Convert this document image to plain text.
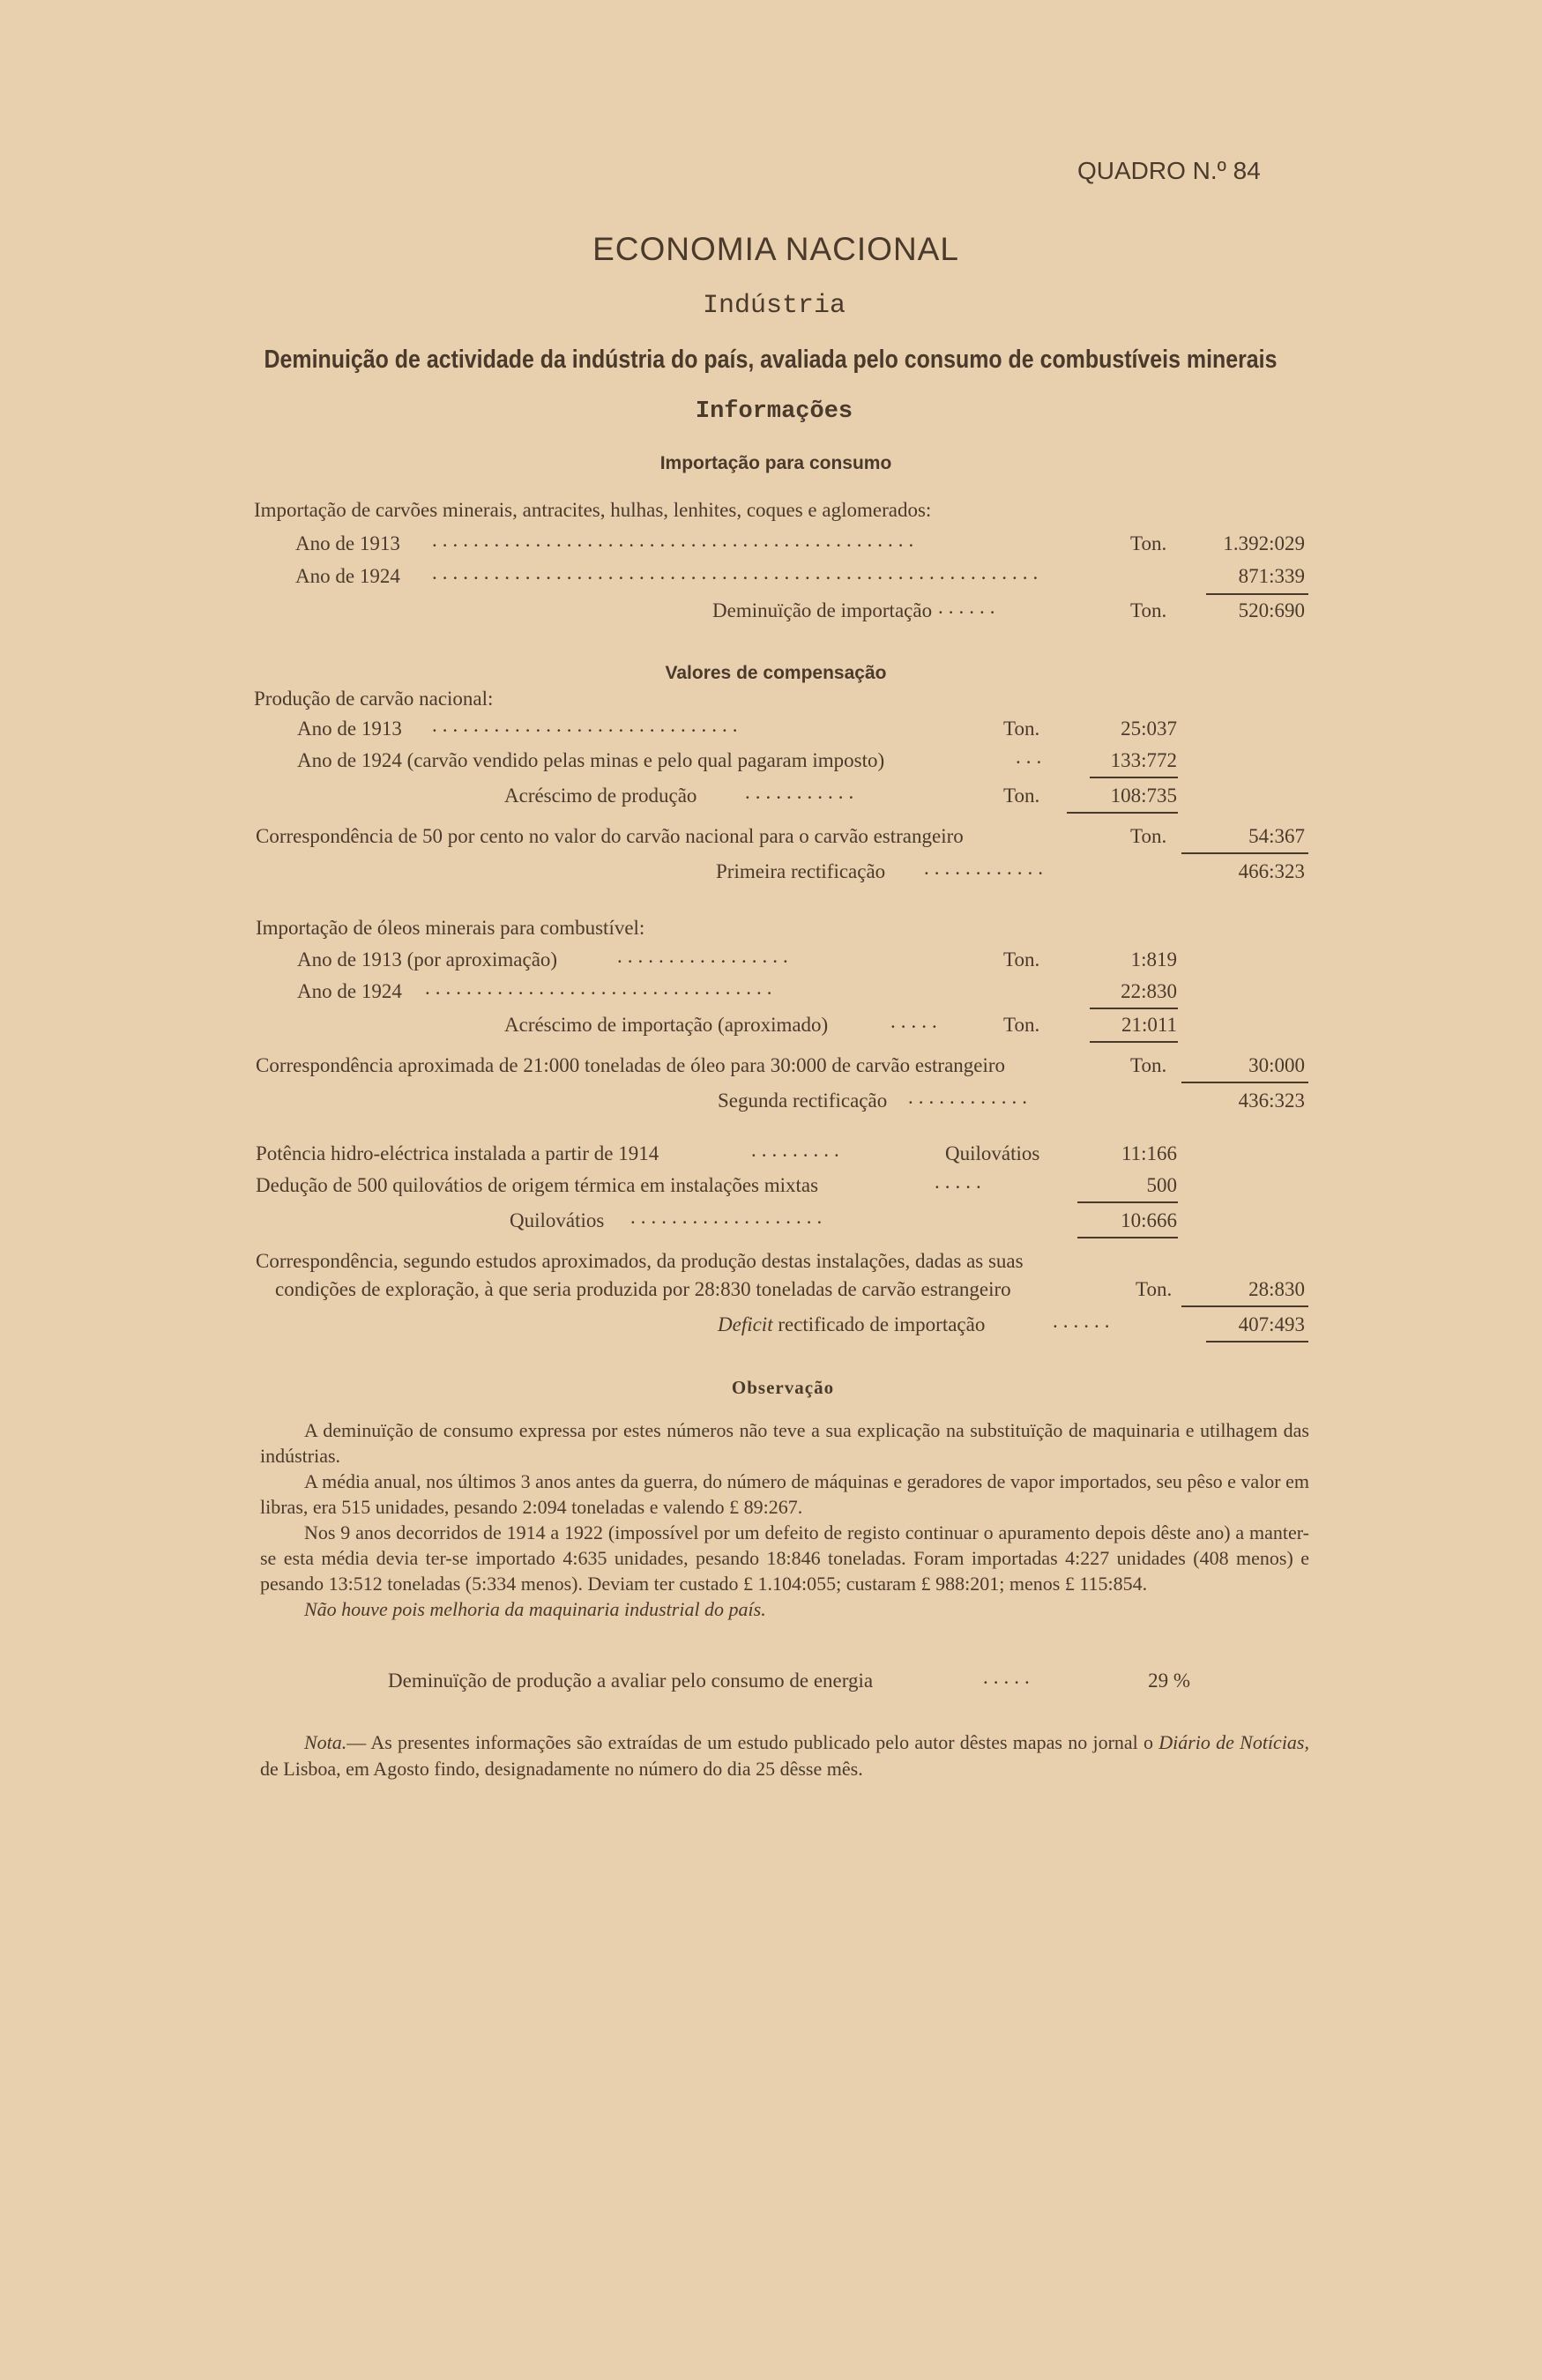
QUADRO N.º 84
ECONOMIA NACIONAL
Indústria
Deminuição de actividade da indústria do país, avaliada pelo consumo de combustíveis minerais
Informações
Importação para consumo
Importação de carvões minerais, antracites, hulhas, lenhites, coques e aglomerados:
Ano de 1913 ...............................................	Ton.	1.392:029
Ano de 1924 ...........................................................	871:339
Deminuïção de importação ......	Ton.	520:690
Valores de compensação
Produção de carvão nacional:
Ano de 1913 ..............................	Ton.	25:037
Ano de 1924 (carvão vendido pelas minas e pelo qual pagaram imposto)	...	133:772
Acréscimo de produção ...........	Ton.	108:735
Correspondência de 50 por cento no valor do carvão nacional para o carvão estrangeiro	Ton.	54:367
Primeira rectificação ............	466:323
Importação de óleos minerais para combustível:
Ano de 1913 (por aproximação)	.................	Ton.	1:819
Ano de 1924 ..................................	22:830
Acréscimo de importação (aproximado)	.....	Ton.	21:011
Correspondência aproximada de 21:000 toneladas de óleo para 30:000 de carvão estrangeiro	Ton.	30:000
Segunda rectificação ............	436:323
Potência hidro-eléctrica instalada a partir de 1914	.........	Quilovátios	11:166
Dedução de 500 quilovátios de origem térmica em instalações mixtas	.....	500
Quilovátios ...................	10:666
Correspondência, segundo estudos aproximados, da produção destas instalações, dadas as suas
condições de exploração, à que seria produzida por 28:830 toneladas de carvão estrangeiro	Ton.	28:830
Deficit rectificado de importação	......	407:493
Observação

A deminuïção de consumo expressa por estes números não teve a sua explicação na substituïção de maquinaria e utilhagem das indústrias.

A média anual, nos últimos 3 anos antes da guerra, do número de máquinas e geradores de vapor importados, seu pêso e valor em libras, era 515 unidades, pesando 2:094 toneladas e valendo £ 89:267.

Nos 9 anos decorridos de 1914 a 1922 (impossível por um defeito de registo continuar o apuramento depois dêste ano) a manter-se esta média devia ter-se importado 4:635 unidades, pesando 18:846 toneladas. Foram importadas 4:227 unidades (408 menos) e pesando 13:512 toneladas (5:334 menos). Deviam ter custado £ 1.104:055; custaram £ 988:201; menos £ 115:854.

Não houve pois melhoria da maquinaria industrial do país.

Deminuïção de produção a avaliar pelo consumo de energia	.....	29 %

Nota.— As presentes informações são extraídas de um estudo publicado pelo autor dêstes mapas no jornal o Diário de Notícias, de Lisboa, em Agosto findo, designadamente no número do dia 25 dêsse mês.
